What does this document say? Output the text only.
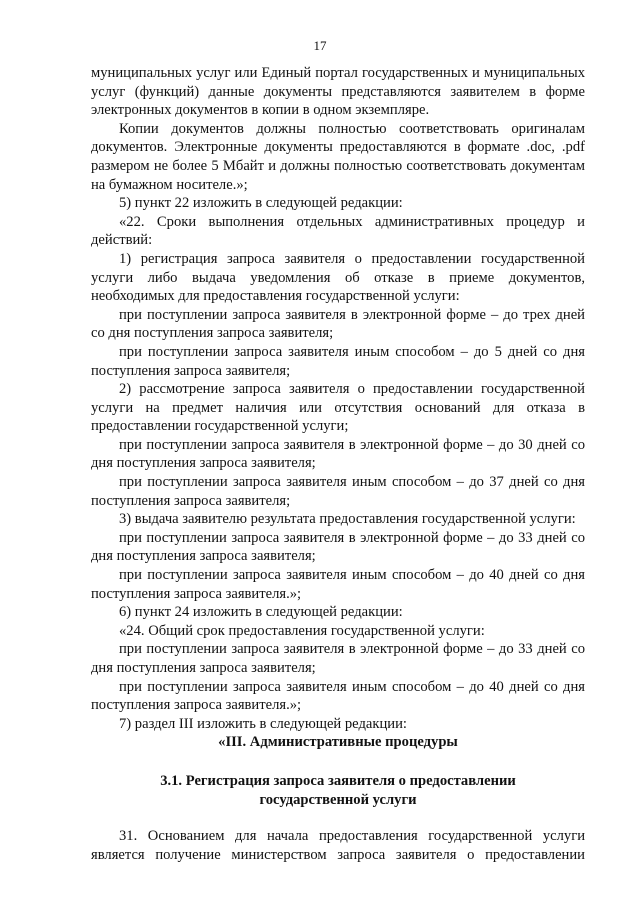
17

муниципальных услуг или Единый портал государственных и муниципальных услуг (функций) данные документы представляются заявителем в форме электронных документов в копии в одном экземпляре.

Копии документов должны полностью соответствовать оригиналам документов. Электронные документы предоставляются в формате .doc, .pdf размером не более 5 Мбайт и должны полностью соответствовать документам на бумажном носителе.»;

5) пункт 22 изложить в следующей редакции:

«22. Сроки выполнения отдельных административных процедур и действий:

1) регистрация запроса заявителя о предоставлении государственной услуги либо выдача уведомления об отказе в приеме документов, необходимых для предоставления государственной услуги:

при поступлении запроса заявителя в электронной форме – до трех дней со дня поступления запроса заявителя;

при поступлении запроса заявителя иным способом – до 5 дней со дня поступления запроса заявителя;

2) рассмотрение запроса заявителя о предоставлении государственной услуги на предмет наличия или отсутствия оснований для отказа в предоставлении государственной услуги;

при поступлении запроса заявителя в электронной форме – до 30 дней со дня поступления запроса заявителя;

при поступлении запроса заявителя иным способом – до 37 дней со дня поступления запроса заявителя;

3) выдача заявителю результата предоставления государственной услуги:

при поступлении запроса заявителя в электронной форме – до 33 дней со дня поступления запроса заявителя;

при поступлении запроса заявителя иным способом – до 40 дней со дня поступления запроса заявителя.»;

6) пункт 24 изложить в следующей редакции:

«24. Общий срок предоставления государственной услуги:

при поступлении запроса заявителя в электронной форме – до 33 дней со дня поступления запроса заявителя;

при поступлении запроса заявителя иным способом – до 40 дней со дня поступления запроса заявителя.»;

7) раздел III изложить в следующей редакции:

«III. Административные процедуры

3.1. Регистрация запроса заявителя о предоставлении

государственной услуги

31. Основанием для начала предоставления государственной услуги является получение министерством запроса заявителя о предоставлении
